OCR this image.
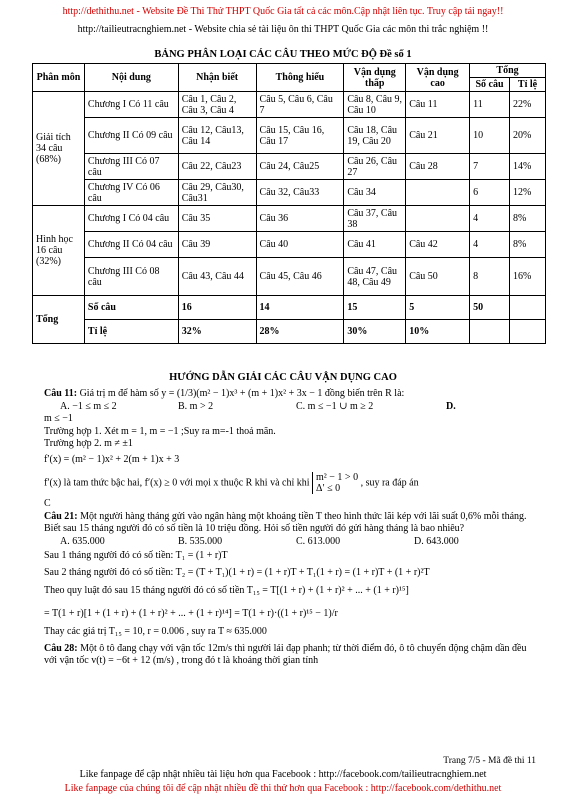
http://dethithu.net - Website Đề Thi Thử THPT Quốc Gia tất cả các môn.Cập nhật liên tục. Truy cập tải ngay!!
http://tailieutracnghiem.net - Website chia sẻ tài liệu ôn thi THPT Quốc Gia các môn thi trắc nghiệm !!
BẢNG PHÂN LOẠI CÁC CÂU THEO MỨC ĐỘ Đề số 1
Phân môn	Nội dung	Nhận biết	Thông hiểu	Vận dụng thấp	Vận dụng cao	Tổng	
						Số câu	Tỉ lệ
Giải tích 34 câu (68%)	Chương I Có 11 câu	Câu 1, Câu 2, Câu 3, Câu 4	Câu 5, Câu 6, Câu 7	Câu 8, Câu 9, Câu 10	Câu 11	11	22%
	Chương II Có 09 câu	Câu 12, Câu13, Câu 14	Câu 15, Câu 16, Câu 17	Câu 18, Câu 19, Câu 20	Câu 21	10	20%
	Chương III Có 07 câu	Câu 22, Câu23	Câu 24, Câu25	Câu 26, Câu 27	Câu 28	7	14%
	Chương IV Có 06 câu	Câu 29, Câu30, Câu31	Câu 32, Câu33	Câu 34		6	12%
Hình học 16 câu (32%)	Chương I Có 04 câu	Câu 35	Câu 36	Câu 37, Câu 38		4	8%
	Chương II Có 04 câu	Câu 39	Câu 40	Câu 41	Câu 42	4	8%
	Chương III Có 08 câu	Câu 43, Câu 44	Câu 45, Câu 46	Câu 47, Câu 48, Câu 49	Câu 50	8	16%
Tổng	Số câu	16	14	15	5	50	
	Tỉ lệ	32%	28%	30%	10%		
HƯỚNG DẪN GIẢI CÁC CÂU VẬN DỤNG CAO

Câu 11: Giá trị m để hàm số y = (1/3)(m² − 1)x³ + (m + 1)x² + 3x − 1 đồng biến trên R là:

A. −1 ≤ m ≤ 2	B. m > 2	C. m ≤ −1 ∪ m ≥ 2	D.

m ≤ −1

Trường hợp 1. Xét m = 1, m = −1 ;Suy ra m=-1 thoả mãn.

Trường hợp 2. m ≠ ±1

f′(x) = (m² − 1)x² + 2(m + 1)x + 3

f′(x) là tam thức bậc hai, f′(x) ≥ 0 với mọi x thuộc R khi và chỉ khi m² − 1 > 0
Δ′ ≤ 0 , suy ra đáp án

C

Câu 21: Một người hàng tháng gửi vào ngân hàng một khoảng tiền T theo hình thức lãi kép với lãi suất 0,6% mỗi tháng. Biết sau 15 tháng người đó có số tiền là 10 triệu đồng. Hỏi số tiền người đó gửi hàng tháng là bao nhiêu?

A. 635.000	B. 535.000	C. 613.000	D. 643.000

Sau 1 tháng người đó có số tiền: T₁ = (1 + r)T

Sau 2 tháng người đó có số tiền: T₂ = (T + T₁)(1 + r) = (1 + r)T + T₁(1 + r) = (1 + r)T + (1 + r)²T

Theo quy luật đó sau 15 tháng người đó có số tiền T₁₅ = T[(1 + r) + (1 + r)² + ... + (1 + r)¹⁵]

= T(1 + r)[1 + (1 + r) + (1 + r)² + ... + (1 + r)¹⁴] = T(1 + r)·((1 + r)¹⁵ − 1)/r

Thay các giá trị T₁₅ = 10, r = 0.006 , suy ra T ≈ 635.000

Câu 28: Một ô tô đang chạy với vận tốc 12m/s thì người lái đạp phanh; từ thời điểm đó, ô tô chuyển động chậm dần đều với vận tốc v(t) = −6t + 12 (m/s) , trong đó t là khoảng thời gian tính

Trang 7/5 - Mã đề thi 11
Like fanpage để cập nhật nhiều tài liệu hơn qua Facebook : http://facebook.com/tailieutracnghiem.net
Like fanpage của chúng tôi để cập nhật nhiều đề thi thử hơn qua Facebook : http://facebook.com/dethithu.net
